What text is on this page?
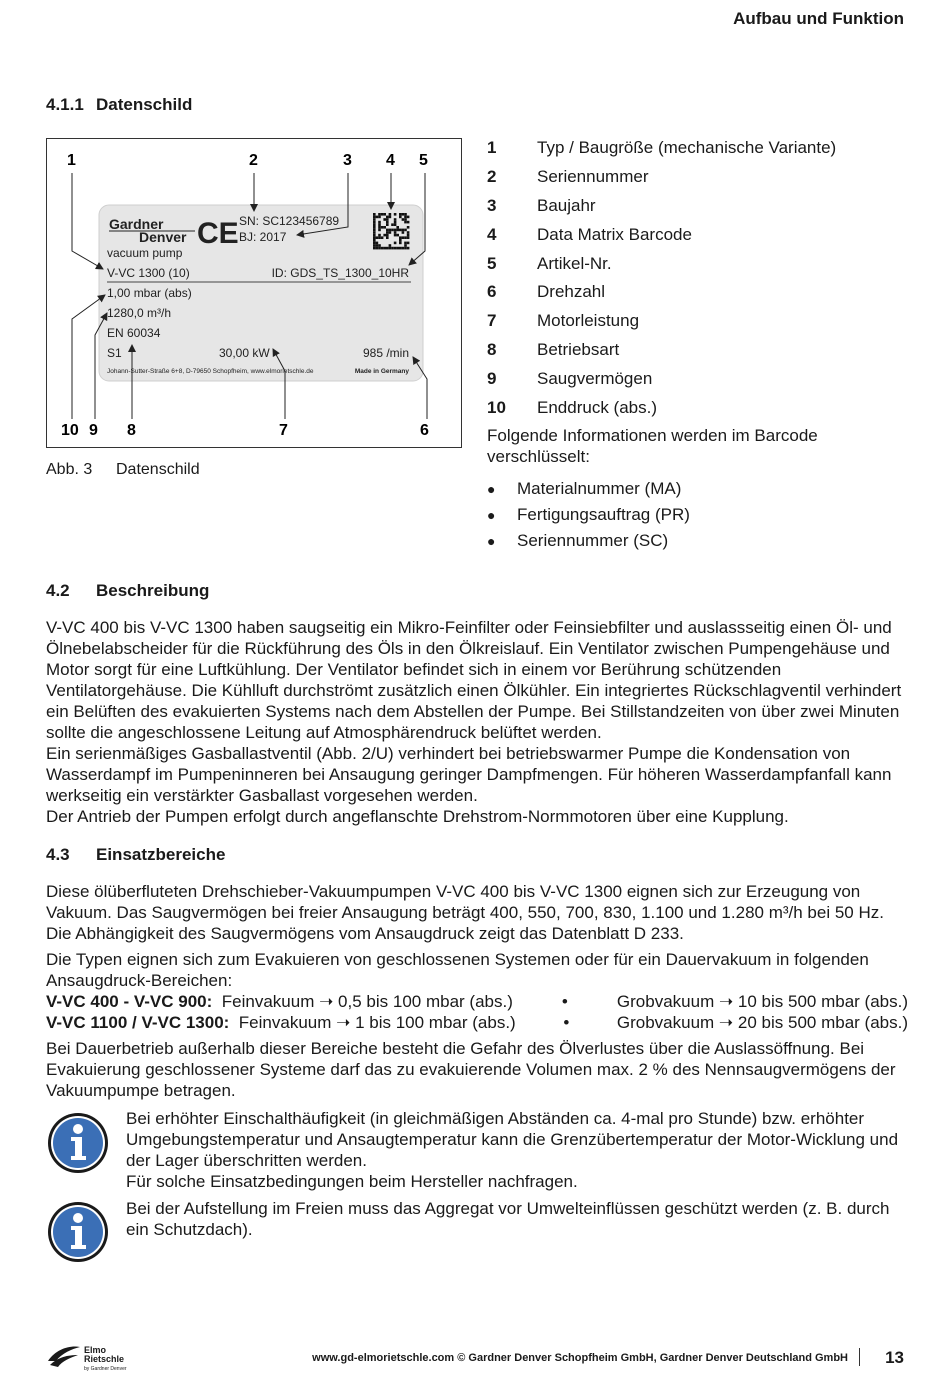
Aufbau und Funktion
4.1.1 Datenschild
1	2	3 4 5
Gardner
Denver CE SN: SC123456789
BJ: 2017
vacuum pump
V-VC 1300 (10)	ID: GDS_TS_1300_10HR
1,00 mbar (abs)
1280,0 m³/h
EN 60034
S1	30,00 kW	985 /min
Johann-Sutter-Straße 6+8, D-79650 Schopfheim, www.elmorietschle.de	Made in Germany
10 9 8	7	6
Abb. 3 Datenschild
1	Typ / Baugröße (mechanische Variante)
2	Seriennummer
3	Baujahr
4	Data Matrix Barcode
5	Artikel-Nr.
6	Drehzahl
7	Motorleistung
8	Betriebsart
9	Saugvermögen
10	Enddruck (abs.)
Folgende Informationen werden im Barcode verschlüsselt:
●	Materialnummer (MA)
●	Fertigungsauftrag (PR)
●	Seriennummer (SC)
4.2 Beschreibung

V-VC 400 bis V-VC 1300 haben saugseitig ein Mikro-Feinfilter oder Feinsiebfilter und auslassseitig einen Öl- und Ölnebelabscheider für die Rückführung des Öls in den Ölkreislauf. Ein Ventilator zwischen Pumpengehäuse und Motor sorgt für eine Luftkühlung. Der Ventilator befindet sich in einem vor Berührung schützenden Ventilatorgehäuse. Die Kühlluft durchströmt zusätzlich einen Ölkühler. Ein integriertes Rückschlagventil verhindert ein Belüften des evakuierten Systems nach dem Abstellen der Pumpe. Bei Stillstandzeiten von über zwei Minuten sollte die angeschlossene Leitung auf Atmosphärendruck belüftet werden.

Ein serienmäßiges Gasballastventil (Abb. 2/U) verhindert bei betriebswarmer Pumpe die Kondensation von Wasserdampf im Pumpeninneren bei Ansaugung geringer Dampfmengen. Für höheren Wasserdampfanfall kann werkseitig ein verstärkter Gasballast vorgesehen werden.

Der Antrieb der Pumpen erfolgt durch angeflanschte Drehstrom-Normmotoren über eine Kupplung.

4.3 Einsatzbereiche

Diese ölüberfluteten Drehschieber-Vakuumpumpen V-VC 400 bis V-VC 1300 eignen sich zur Erzeugung von Vakuum. Das Saugvermögen bei freier Ansaugung beträgt 400, 550, 700, 830, 1.100 und 1.280 m³/h bei 50 Hz. Die Abhängigkeit des Saugvermögens vom Ansaugdruck zeigt das Datenblatt D 233.

Die Typen eignen sich zum Evakuieren von geschlossenen Systemen oder für ein Dauervakuum in folgenden Ansaugdruck-Bereichen:

V-VC 400 - V-VC 900: Feinvakuum ➝ 0,5 bis 100 mbar (abs.)	•	Grobvakuum ➝ 10 bis 500 mbar (abs.)
V-VC 1100 / V-VC 1300: Feinvakuum ➝ 1 bis 100 mbar (abs.)	•	Grobvakuum ➝ 20 bis 500 mbar (abs.)

Bei Dauerbetrieb außerhalb dieser Bereiche besteht die Gefahr des Ölverlustes über die Auslassöffnung. Bei Evakuierung geschlossener Systeme darf das zu evakuierende Volumen max. 2 % des Nennsaugvermögens der Vakuumpumpe betragen.

Bei erhöhter Einschalthäufigkeit (in gleichmäßigen Abständen ca. 4-mal pro Stunde) bzw. erhöhter Umgebungstemperatur und Ansaugtemperatur kann die Grenzübertemperatur der Motor-Wicklung und der Lager überschritten werden.

Für solche Einsatzbedingungen beim Hersteller nachfragen.

Bei der Aufstellung im Freien muss das Aggregat vor Umwelteinflüssen geschützt werden (z. B. durch ein Schutzdach).

Elmo
Rietschle
by Gardner Denver
www.gd-elmorietschle.com © Gardner Denver Schopfheim GmbH, Gardner Denver Deutschland GmbH 13
